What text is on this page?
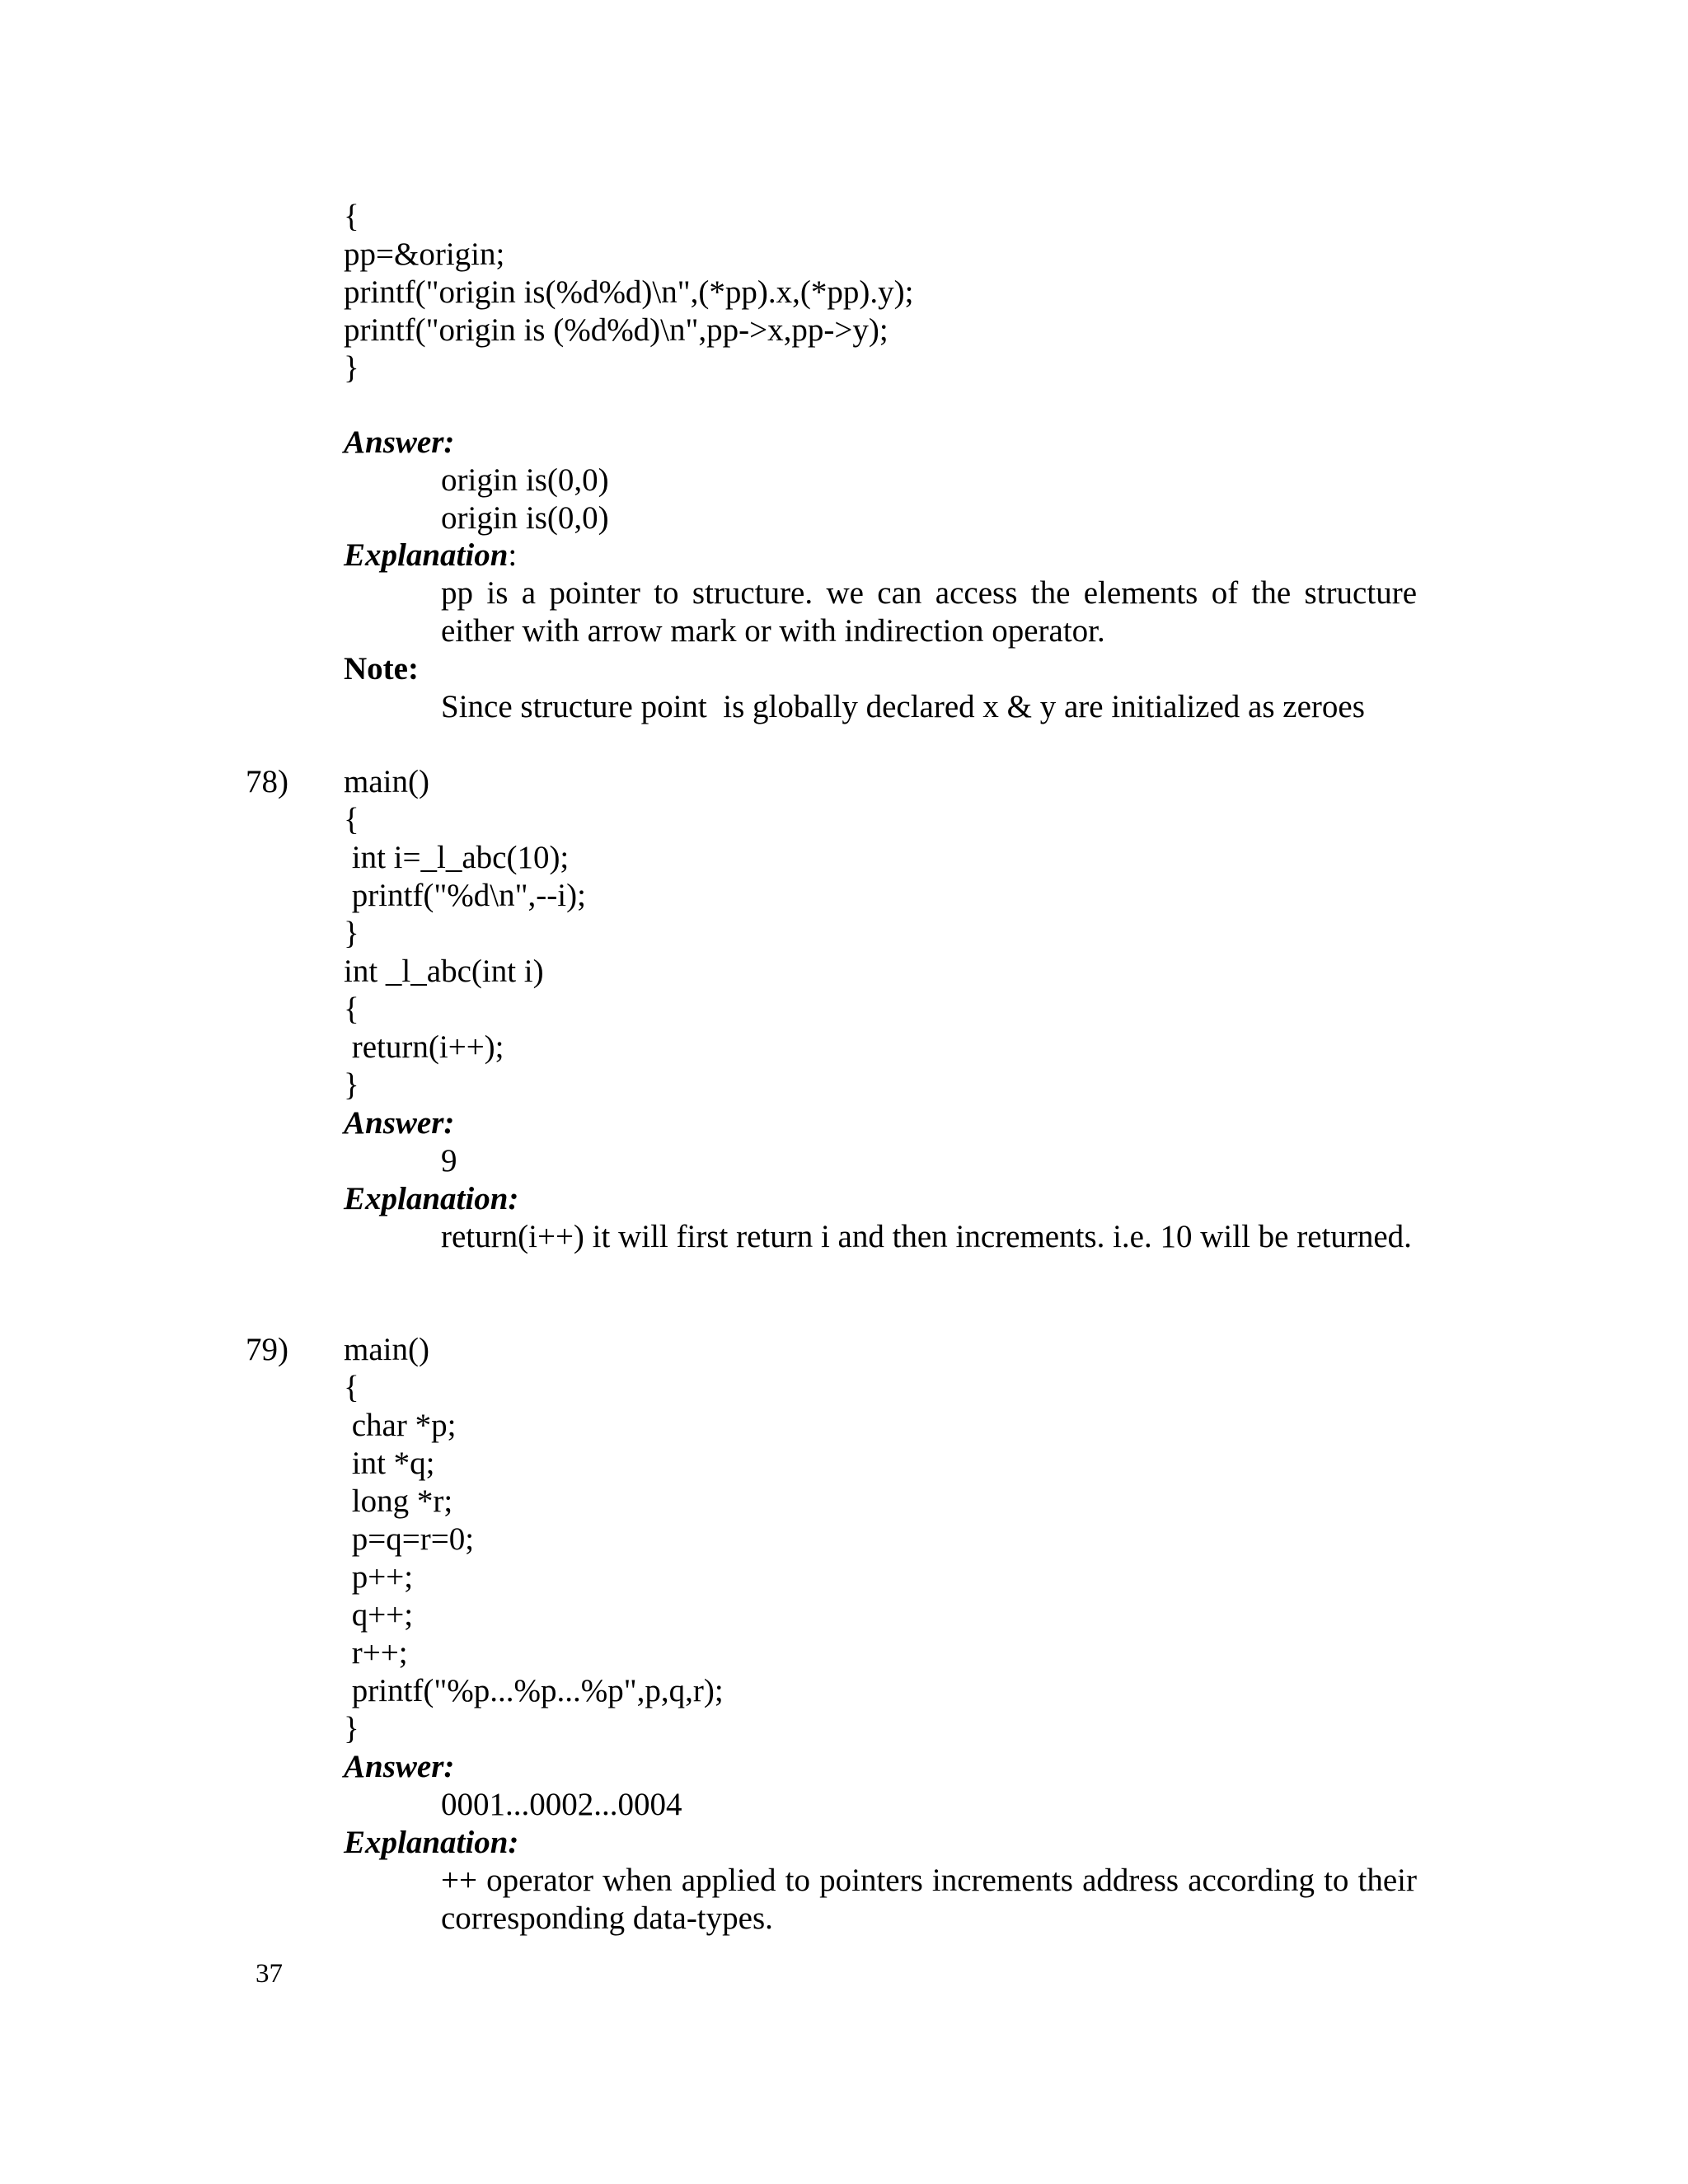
{
pp=&origin;
printf("origin is(%d%d)\n",(*pp).x,(*pp).y);
printf("origin is (%d%d)\n",pp->x,pp->y);
}
Answer:
origin is(0,0)
origin is(0,0)
Explanation:
pp is a pointer to structure. we can access the elements of the structure either with arrow mark or with indirection operator.
Note:
Since structure point  is globally declared x & y are initialized as zeroes
78) main()
{
int i=_l_abc(10);
printf("%d\n",--i);
}
int _l_abc(int i)
{
return(i++);
}
Answer:
9
Explanation:
return(i++) it will first return i and then increments. i.e. 10 will be returned.
79) main()
{
char *p;
int *q;
long *r;
p=q=r=0;
p++;
q++;
r++;
printf("%p...%p...%p",p,q,r);
}
Answer:
0001...0002...0004
Explanation:
++ operator when applied to pointers increments address according to their corresponding data-types.
37
